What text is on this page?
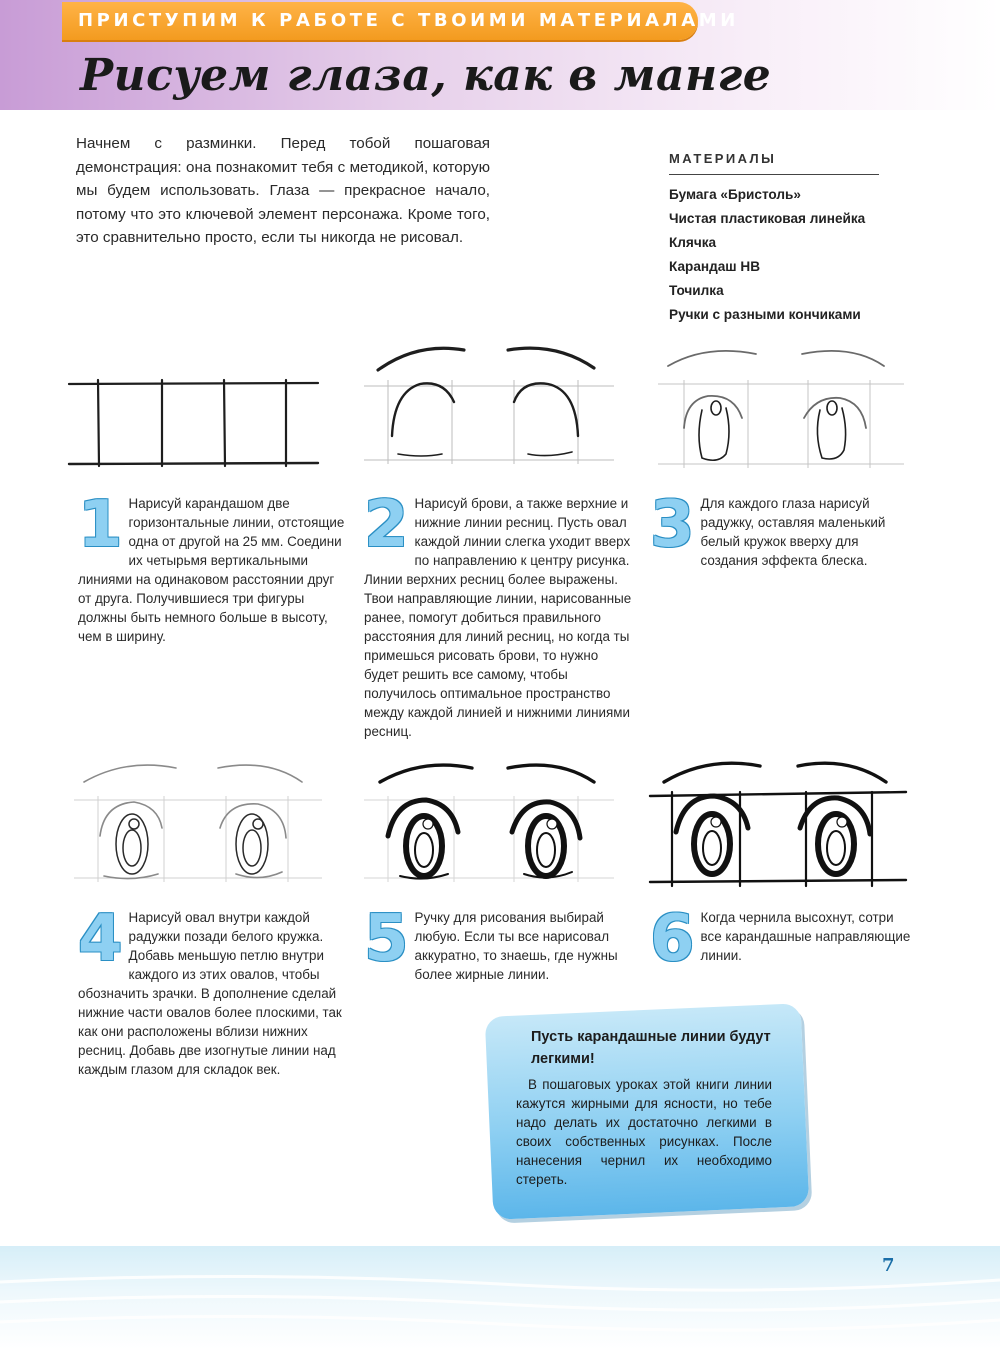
ПРИСТУПИМ К РАБОТЕ С ТВОИМИ МАТЕРИАЛАМИ
Рисуем глаза, как в манге

Начнем с разминки. Перед тобой пошаговая демонстрация: она познакомит тебя с методикой, которую мы будем использовать. Глаза — прекрасное начало, потому что это ключевой элемент персонажа. Кроме того, это сравнительно просто, если ты никогда не рисовал.

МАТЕРИАЛЫ
Бумага «Бристоль»
Чистая пластиковая линейка
Клячка
Карандаш HB
Точилка
Ручки с разными кончиками
1 Нарисуй карандашом две горизонтальные линии, отстоящие одна от другой на 25 мм. Соедини их четырьмя вертикальными линиями на одинаковом расстоянии друг от друга. Получившиеся три фигуры должны быть немного больше в высоту, чем в ширину.
2 Нарисуй брови, а также верхние и нижние линии ресниц. Пусть овал каждой линии слегка уходит вверх по направлению к центру рисунка. Линии верхних ресниц более выражены. Твои направляющие линии, нарисованные ранее, помогут добиться правильного расстояния для линий ресниц, но когда ты примешься рисовать брови, то нужно будет решить все самому, чтобы получилось оптимальное пространство между каждой линией и нижними линиями ресниц.
3 Для каждого глаза нарисуй радужку, оставляя маленький белый кружок вверху для создания эффекта блеска.
4 Нарисуй овал внутри каждой радужки позади белого кружка. Добавь меньшую петлю внутри каждого из этих овалов, чтобы обозначить зрачки. В дополнение сделай нижние части овалов более плоскими, так как они расположены вблизи нижних ресниц. Добавь две изогнутые линии над каждым глазом для складок век.
5 Ручку для рисования выбирай любую. Если ты все нарисовал аккуратно, то знаешь, где нужны более жирные линии.	6 Когда чернила высохнут, сотри все карандашные направляющие линии.
Пусть карандашные линии будут легкими!

В пошаговых уроках этой книги линии кажутся жирными для ясности, но тебе надо делать их достаточно легкими в своих собственных рисунках. После нанесения чернил их необходимо стереть.

7
